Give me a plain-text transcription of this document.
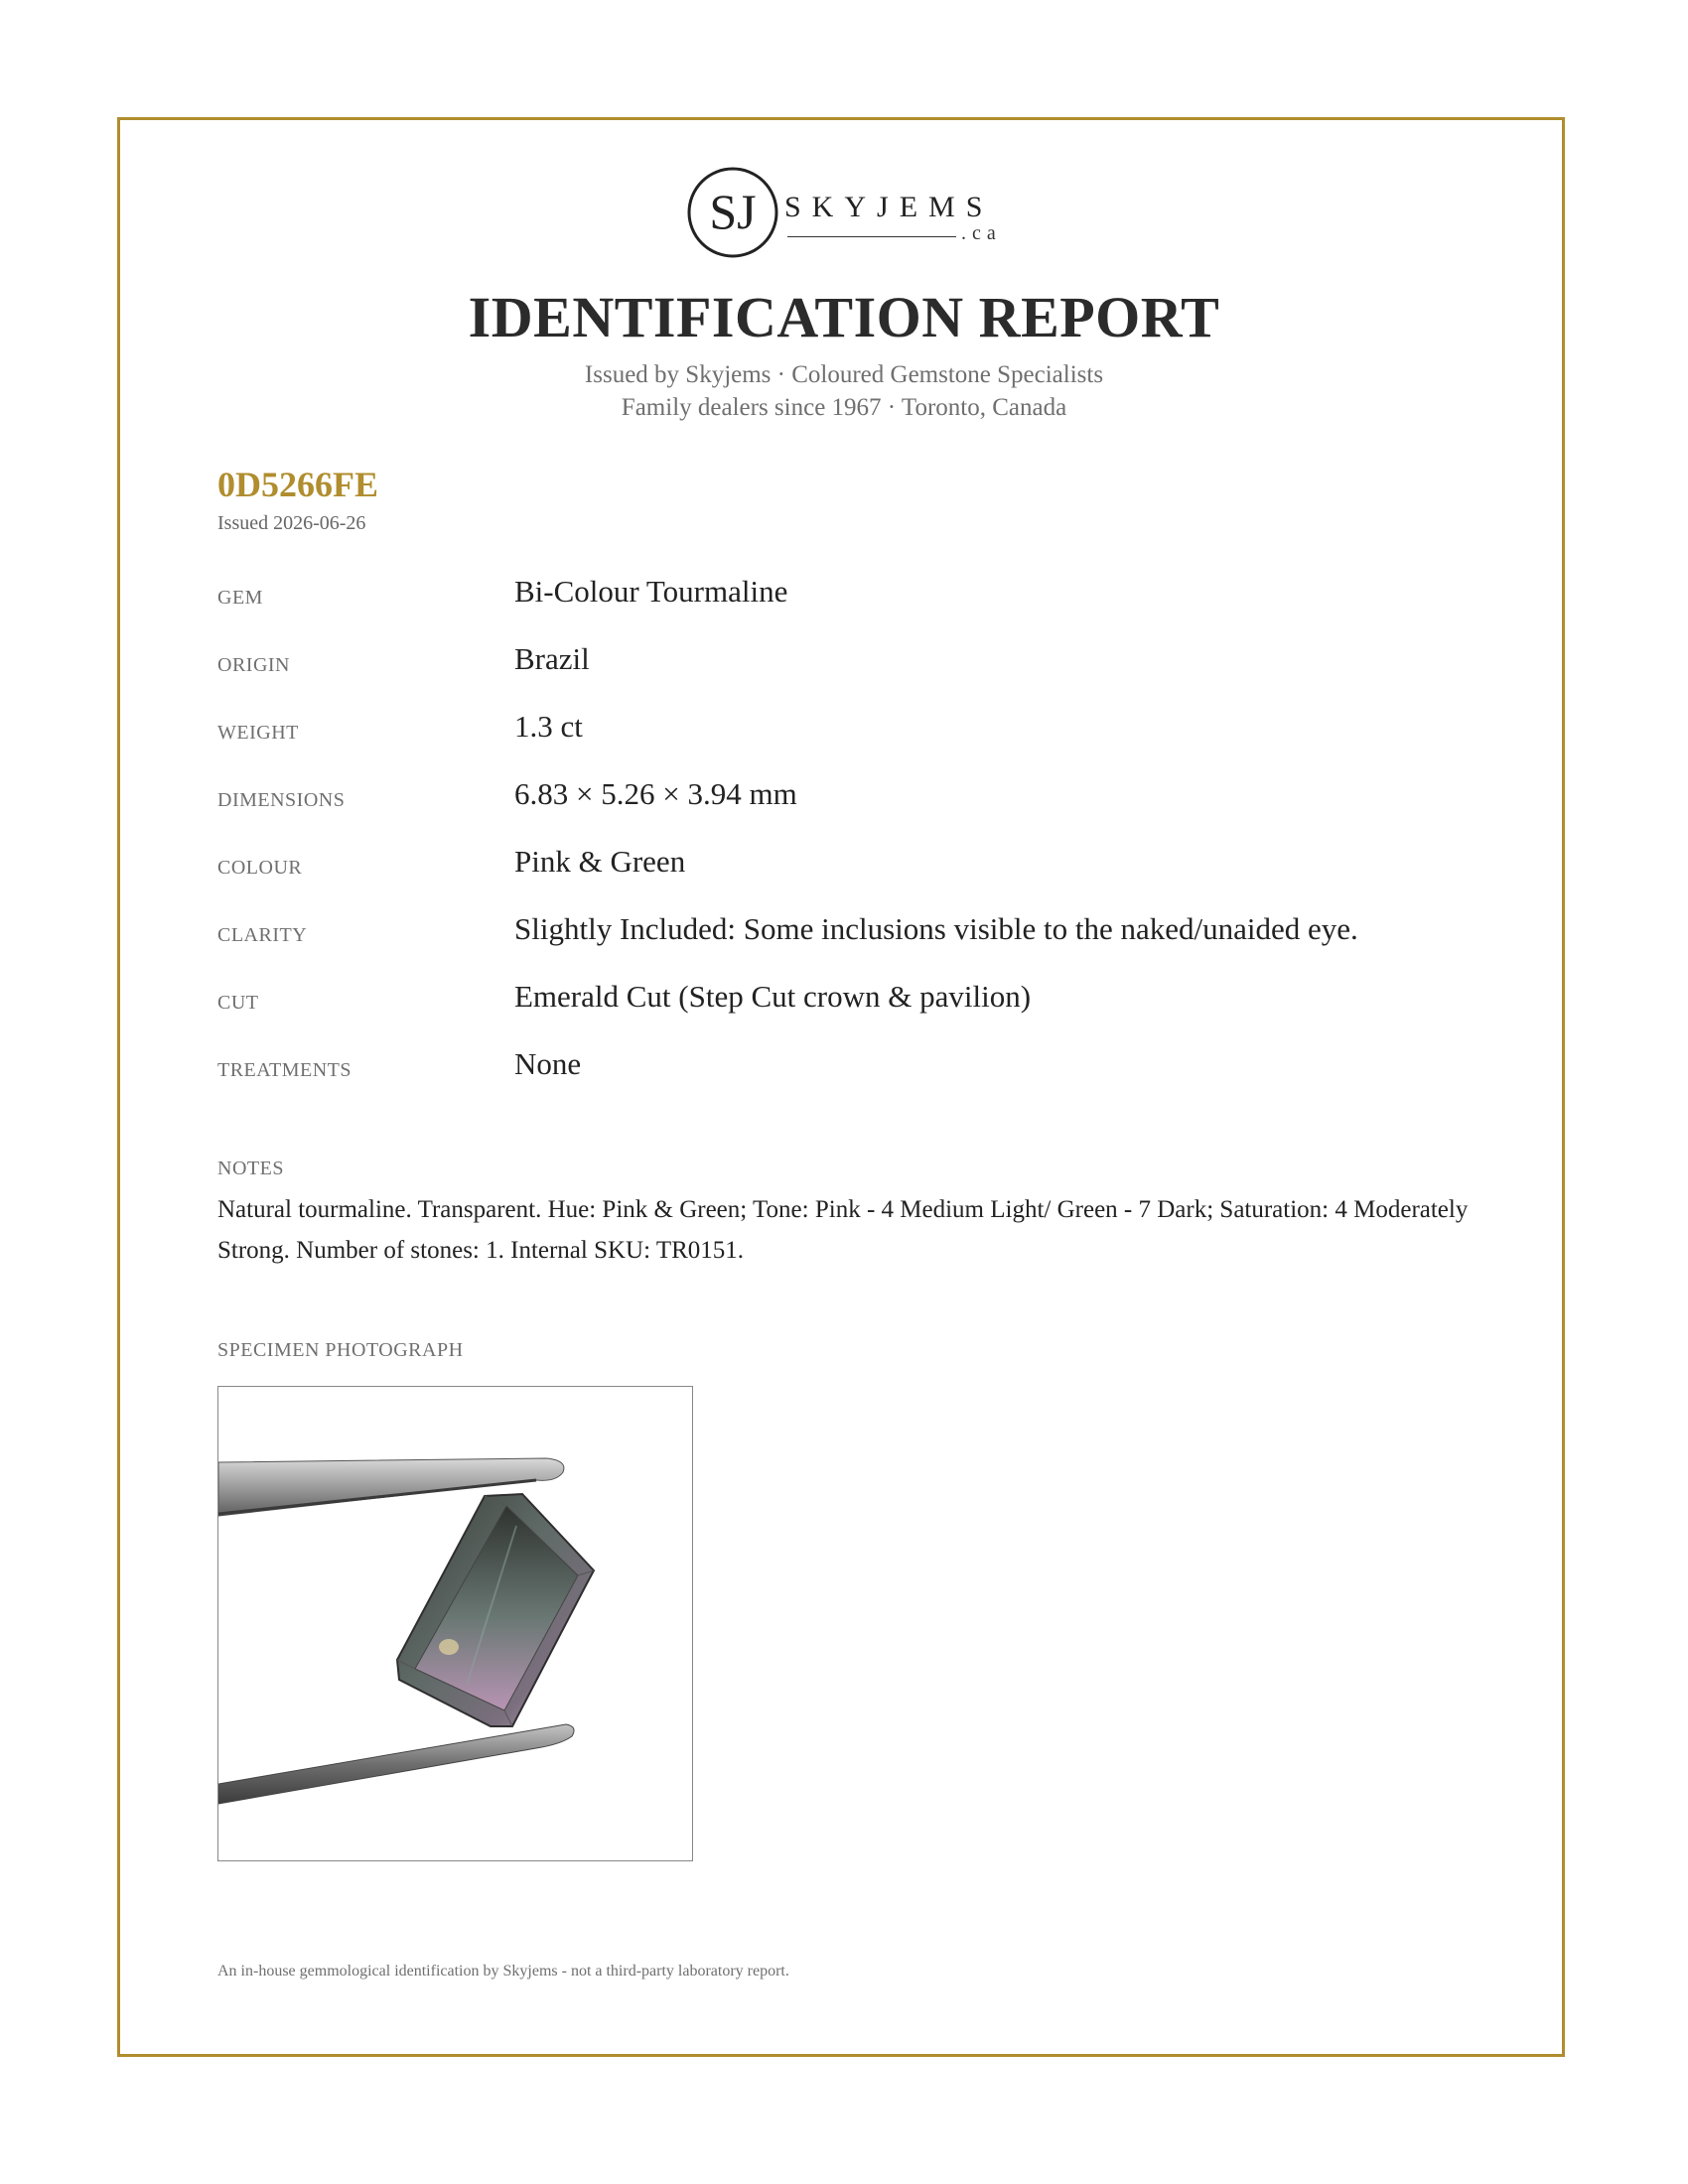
SJ SKYJEMS
.ca
IDENTIFICATION REPORT
Issued by Skyjems · Coloured Gemstone Specialists
Family dealers since 1967 · Toronto, Canada
0D5266FE
Issued 2026-06-26
GEM	Bi-Colour Tourmaline
ORIGIN	Brazil
WEIGHT	1.3 ct
DIMENSIONS	6.83 × 5.26 × 3.94 mm
COLOUR	Pink & Green
CLARITY	Slightly Included: Some inclusions visible to the naked/unaided eye.
CUT	Emerald Cut (Step Cut crown & pavilion)
TREATMENTS	None
NOTES
Natural tourmaline. Transparent. Hue: Pink & Green; Tone: Pink - 4 Medium Light/ Green - 7 Dark; Saturation: 4 Moderately Strong. Number of stones: 1. Internal SKU: TR0151.
SPECIMEN PHOTOGRAPH
An in-house gemmological identification by Skyjems - not a third-party laboratory report.
